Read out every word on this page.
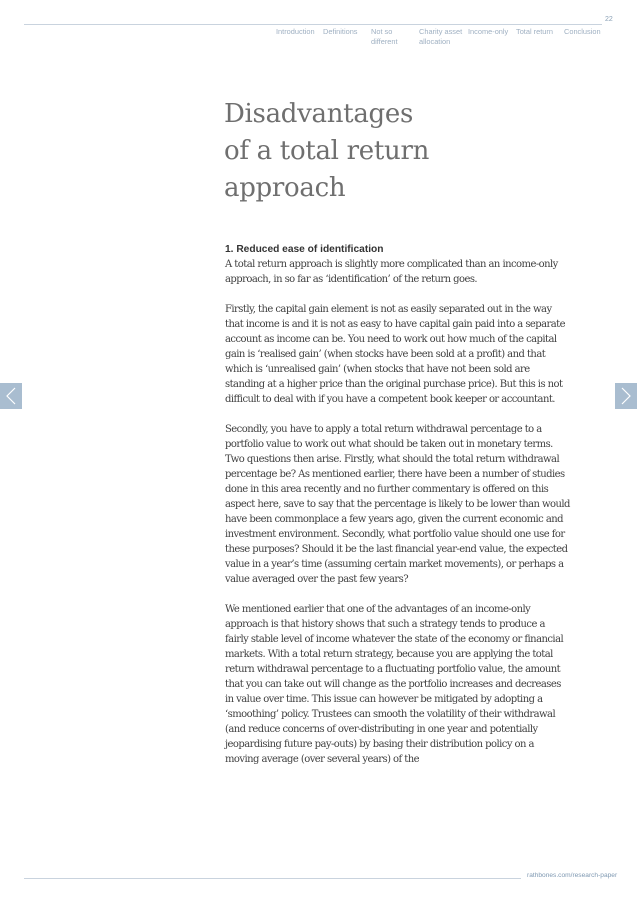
22
Introduction Definitions Not so
different
Charity asset
allocation
Income-only Total return Conclusion
Disadvantages
of a total return
approach
1. Reduced ease of identification

A total return approach is slightly more complicated than an income-only approach, in so far as ‘identification’ of the return goes.

Firstly, the capital gain element is not as easily separated out in the way that income is and it is not as easy to have capital gain paid into a separate account as income can be. You need to work out how much of the capital gain is ‘realised gain’ (when stocks have been sold at a profit) and that which is ‘unrealised gain’ (when stocks that have not been sold are standing at a higher price than the original purchase price). But this is not difficult to deal with if you have a competent book keeper or accountant.

Secondly, you have to apply a total return withdrawal percentage to a portfolio value to work out what should be taken out in monetary terms. Two questions then arise. Firstly, what should the total return withdrawal percentage be? As mentioned earlier, there have been a number of studies done in this area recently and no further commentary is offered on this aspect here, save to say that the percentage is likely to be lower than would have been commonplace a few years ago, given the current economic and investment environment. Secondly, what portfolio value should one use for these purposes? Should it be the last financial year-end value, the expected value in a year’s time (assuming certain market movements), or perhaps a value averaged over the past few years?

We mentioned earlier that one of the advantages of an income-only approach is that history shows that such a strategy tends to produce a fairly stable level of income whatever the state of the economy or financial markets. With a total return strategy, because you are applying the total return withdrawal percentage to a fluctuating portfolio value, the amount that you can take out will change as the portfolio increases and decreases in value over time. This issue can however be mitigated by adopting a ‘smoothing’ policy. Trustees can smooth the volatility of their withdrawal (and reduce concerns of over-distributing in one year and potentially jeopardising future pay-outs) by basing their distribution policy on a moving average (over several years) of the

rathbones.com/research-paper
